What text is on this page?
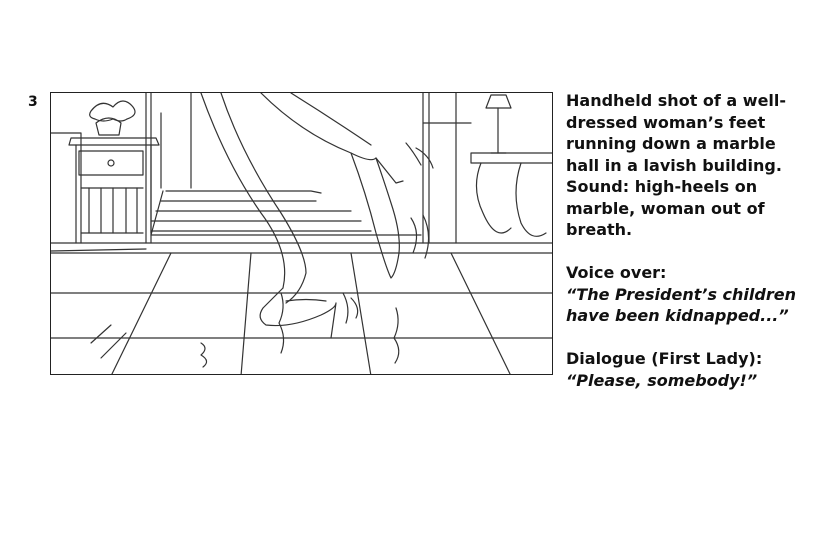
3	Handheld shot of a well-dressed woman’s feet running down a marble hall in a lavish building.

Sound: high-heels on marble, woman out of breath.

Voice over:

“The President’s children have been kidnapped...”

Dialogue (First Lady):

“Please, somebody!”
